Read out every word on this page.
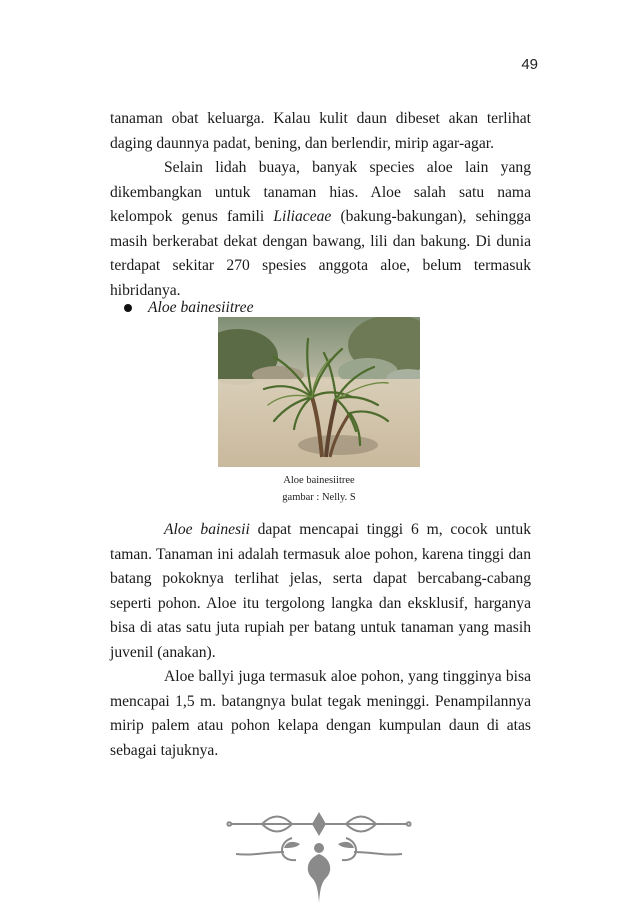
49

tanaman obat keluarga. Kalau kulit daun dibeset akan terlihat daging daunnya padat, bening, dan berlendir, mirip agar-agar.

Selain lidah buaya, banyak species aloe lain yang dikembangkan untuk tanaman hias. Aloe salah satu nama kelompok genus famili Liliaceae (bakung-bakungan), sehingga masih berkerabat dekat dengan bawang, lili dan bakung. Di dunia terdapat sekitar 270 spesies anggota aloe, belum termasuk hibridanya.

Aloe bainesiitree
Aloe bainesiitree
gambar : Nelly. S

Aloe bainesii dapat mencapai tinggi 6 m, cocok untuk taman. Tanaman ini adalah termasuk aloe pohon, karena tinggi dan batang pokoknya terlihat jelas, serta dapat bercabang-cabang seperti pohon. Aloe itu tergolong langka dan eksklusif, harganya bisa di atas satu juta rupiah per batang untuk tanaman yang masih juvenil (anakan).

Aloe ballyi juga termasuk aloe pohon, yang tingginya bisa mencapai 1,5 m. batangnya bulat tegak meninggi. Penampilannya mirip palem atau pohon kelapa dengan kumpulan daun di atas sebagai tajuknya.
